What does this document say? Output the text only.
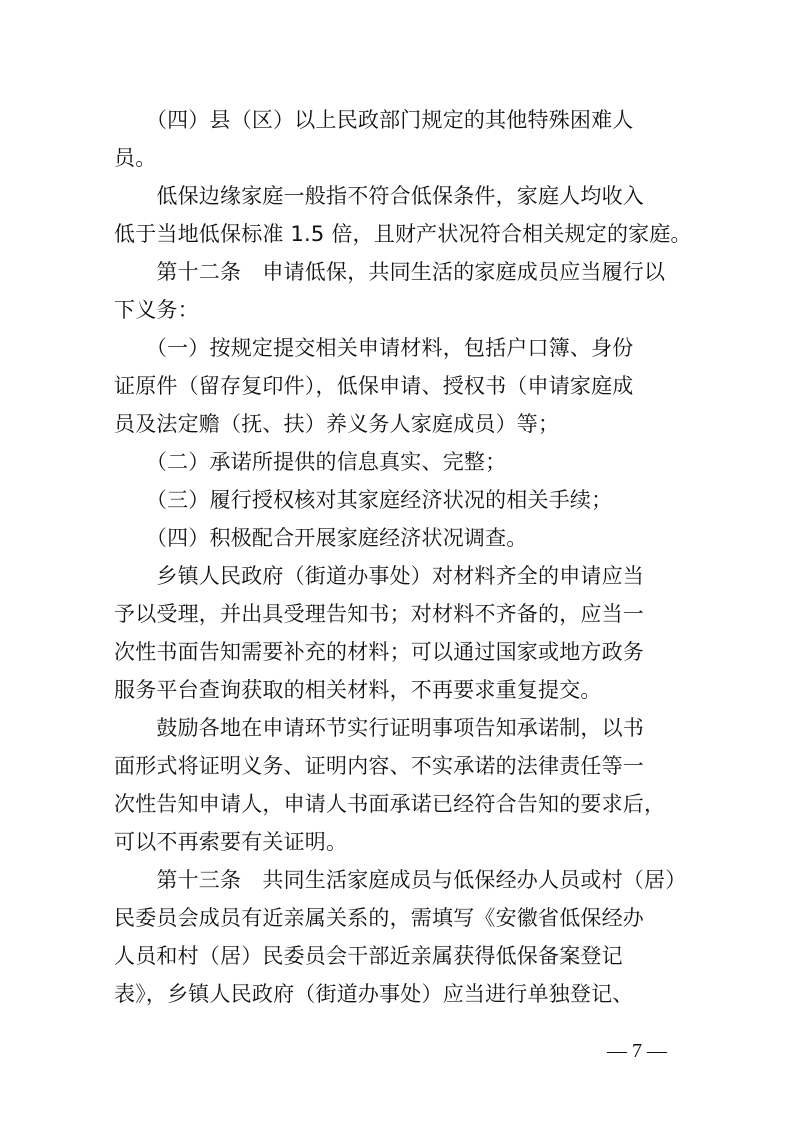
　　（四）县（区）以上民政部门规定的其他特殊困难人
员。
　　低保边缘家庭一般指不符合低保条件，家庭人均收入
低于当地低保标准 1.5 倍，且财产状况符合相关规定的家庭。
　　第十二条　申请低保，共同生活的家庭成员应当履行以
下义务：
　　（一）按规定提交相关申请材料，包括户口簿、身份
证原件（留存复印件），低保申请、授权书（申请家庭成
员及法定赡（抚、扶）养义务人家庭成员）等；
　　（二）承诺所提供的信息真实、完整；
　　（三）履行授权核对其家庭经济状况的相关手续；
　　（四）积极配合开展家庭经济状况调查。
　　乡镇人民政府（街道办事处）对材料齐全的申请应当
予以受理，并出具受理告知书；对材料不齐备的，应当一
次性书面告知需要补充的材料；可以通过国家或地方政务
服务平台查询获取的相关材料，不再要求重复提交。
　　鼓励各地在申请环节实行证明事项告知承诺制，以书
面形式将证明义务、证明内容、不实承诺的法律责任等一
次性告知申请人，申请人书面承诺已经符合告知的要求后，
可以不再索要有关证明。
　　第十三条　共同生活家庭成员与低保经办人员或村（居）
民委员会成员有近亲属关系的，需填写《安徽省低保经办
人员和村（居）民委员会干部近亲属获得低保备案登记
表》，乡镇人民政府（街道办事处）应当进行单独登记、
— 7 —
